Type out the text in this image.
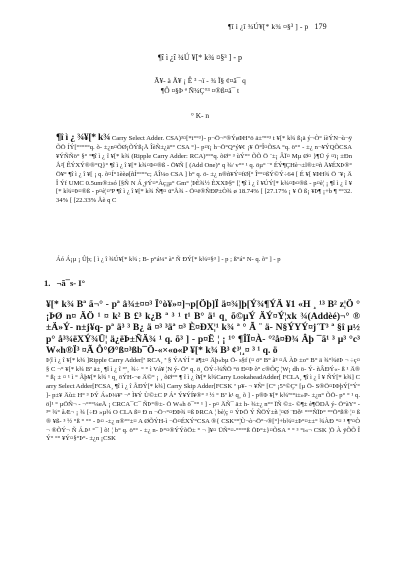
¶î ì ¿î ¾Ú¥[* k¾ ¤§³ ] - p 179
¶î ì ¿î ¾Ú ¥[* k¾ ¤§³ ] - p
Ã¥- à Ä¥ ¡ Ê ³ ¬ï - ¾ Ï§ ¢¤â¯ q
¶Ô ¤§Þ ª Ñ¾Ç°³ ¤®ß¤ä¯ t
° K- n

¶î ì ¿ ¾¥[* k¾ Carry Select Adder. CSA)³¤[*i°°³}- p¬Ö¬°®ÝøÞH°ö ä±ª°°³ t ¥[* k¾ ß¡ä ý¬Ò° íèÝN¬ù¬ÿ ÕÖ ÍÝ[°°°°°q. õ- ±¿n¤ÕØ¡ÕÝß¡Ä ÎèÑ±¿ä°° CSA °}- p¤ï¡ h¬Ö°Q°ý¥¢ ¡¥ Ö°Î¤ÕSA °q. ö°° - ±¿ n¬¥ÝQÕCSA ¥ÝÑÑö° §° °¶î ì ¿ î ¥[* k¾ (Ripple Carry Adder: RCA)°°°q. õØ° ³ ùÝ°° ÕÕ Ö ¨±¡ ÂÏ¤ Mµ Ø¤ }¶Ü ý ¤ï¡ ±Ðn Å²[ ÊÝXÝ®®°Q}° ¶î ì ¿ î ¥[* k¾¤Þ¤®ß - Ö¥Ñ [ (Add One)° q ¾/ v°° ¹ q. öµ° ¨° ÉÝ¶ÇHè¬±l®±¤ñ Ä¥ÉXÞ®° Ö¥° ¶î ì ¿ î ¥[ ¡ q. õ¤Í°1èèø[ñÍ°°°°c; ÄÎ¼o CSA ] b° q. ö- ±¿ n®ñ¥Ý¤fØ[° Î°°¤ßÝ©Ý÷64 [ É ¥[ ¥ÞH¾ Ö ¨¥¡ Ä Î Ýf UMC 0.5um®±só [§Ñ N Á¸ÿÝ¤°Àç¡µ° Gm° ¦ÞÈ¾½ ÈXXÞ§° [¦ ¶î ì ¿ î ¥ÚÝ[* k¾¤Þ¤®ß - p¤è¦ ¡ ¶î ì ¿ î ¥[* k¾¤Þ¤®ß - p¤è¦¤ªP ¶î ì ¿ î ¥[* k¾ Ñ¶¤ ü°Å¾ - Ö¤ë®ÑÐP±Ò¾ ø 18.74% [ [27.17% ¡ ¥ Ö ß¡ ¥Þ¶ ¡+b ¶ °°32.34% [ [22.33% Åè q C

Áó Á¡µ ¡ Ûþ; [ ì ¿ î ¾Ú¥[* k¾ ; B- p°á¼° à° Ñ ÐÝ[* k¾¤§³ ] - p ; ß°á° N- q. õ° ] - p
1. ¬ã¯s- I°

¥[* k¾ Bª ã¬° - pª â¾±¤¤³ Ï°ò¥»¤]¬p[Öþ]Ï ä¤¾]þ[Ý¾¶ÝÄ ¥1 «H ¸ ¹³ B² z¦Ö °¡ÞØ n¤ ÄÖ ¹ ¤ k² B £³ k¿B ª ³ ¹ t¹ B° ä¹ q¸ õ©µÝ ÄÝ¤Ý¦xk ¾(Addèé)¬° ®±Ä»Ý- n±j¥q- pª ä³ ³ B¿ ä ¤³ ³äª ¤³ È¤ÐX¦¹ k¾ ª ° Ã ¨ ä- N§ÝYÝ¤j´T³ ª §î µ½ p° å³¾ëXÝ¾Ü¦ ä¿ëÞ±ÑÄ¾ ¹ q. õ³ ] - p¤Ë ¦ ¡ ¹° ¶ÎÏ¤À- °²å¤Ð¾ Âþ ¯ã¹ ³ µ³ °c³ W«h®Ï³ ¤Ã Ô°Ø°ß¤³ßb¯Ö-«×«o«P ¥[* k¾ B³ ¢³¦¸¤ ³ ¹ q. ö

Þ¦î ì ¿ î ¥[* k¾ ]Ripple Carry Adder[ª RCA¸ ª § ÝAÝÍ ° ä¶±¤ Äþ«bµ Ö- s§f (¤ ö° B° ã³ ¤Ä ÀÞ ±o° B° ä ¾°¾ëÞ ¬ ÷ç¤ § C ¬° ¥[* k¾ Bª ä±¸ ¶î ì ¿ î °ª¸ ¾÷ ° ° ì Vá¥ ¦N ý- Ö° q. ö¸ ÖÝ÷¾ÑÖ °ö Ð¤Þ õ° c®ÕÇ ¦W¡ dh ö- Ý- ñÂÐÝ«- ß ¹ Ä® ° ß¡ ± ¤ ¹ ì ° Ãþ¥[* k¾ ¹ q¸ öÝH-¬e Ä©° ¡ ¸ õØ°° ¶ î ì ¿ î¥[* k¾Carry LookaheadAdder[ FCLA¸ ¶î ì ¿ î ¥ ÑÝ[* k¾] Carry Select Adder[FCSA¸ ¶î ì ¿ î ÃÐÝ[* k¾] Carry Skip Adder[FCSK ª µ¥- ¬ ¥Ñ° [C° ¡5°©Ç° [µ Ö- S®Ö¤ÞÞþÝ[°Ý° ]- p±¥ Äù± H° ³ ÞÝ Á«Þ¼¥ª ¬° Ì¥Ý Ù©±C P Á° Ý¥ÝÍ¥®° ³ ½ ° Bª k¹ q¸ õ ] - p®Þ ¥[* k¾ª°°i±»P- ±¿n° ÕÖ- p° ° ¹ q. ö]¹ ° µÖÑ¬ - ¬°°°¼eÄ ¡ CRCA¯C¯ ÑÞ°®±- Ö W«h ö¯°° ¹ ] - p¤ ÄÑ¯ ä± h- ¾±¿ n°° ÏÑ ©±- ©¶± è¶ÖDÄ ý- Ö°àY° - ³° ¾° åÆ¬ ¡ ¾ [÷Ð »µ¾ O CLA ß¤ Ð n ¬Ö¬°¤ÐÞ¾ ¤ß ÞRCA ¦ bè¦ç ¤ ÝÞÖ Ý ÑÖÝ±ñ ¦¤Ø ¨Ðð¹ °°°ÑÏÞ° °°Ö°ß® ¦¤ ß ® ¥ß- ³ ½ °ß ° °° - Þ¤ -±¿ n®°°±¤ A ØÕÝH-ì ¬Ö¤ÉXÝ°CSA ®{ CSK°°¦Ù¬ò¬Ö°¬®[°]+b¾¤±Þ°¤±±° ¾ÀÐ °¤ ¹ ¶ª¤Ò¬ ®ÕÝ¬ Ñ Á.Þ¹ °¯ ] õ! ¦ b° q. ö°° - ±¿ n- Þ°¤®ÝÝõÖ± ° ¬ ]¥¤ ÜÑ°¤-°°°°ß ÖÞ°±}¤ÕSA ° ° ³ °i«¬ CSK ¦Ö À ÿÕÕ ÎÝ° °° ¥Ý¤§°Þ°- ±¿n ¡CSK
